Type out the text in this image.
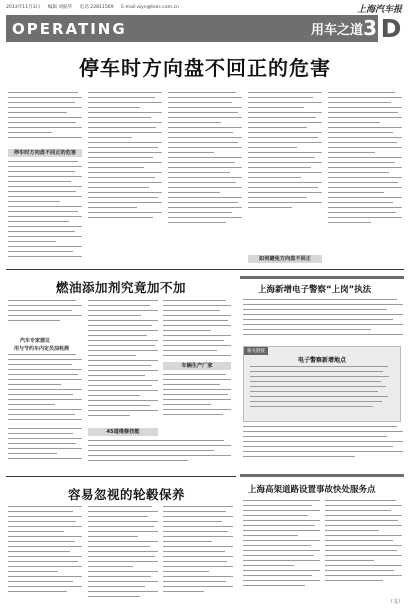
2013年11月3日 编辑 刘振华 电话 22811569 E-mail aiyn@tsec.com.cn	上海汽车报
OPERATING	用车之道 3 D
停车时方向盘不回正的危害
停车时方向盘不回正的危害
如何避免方向盘不回正
燃油添加剂究竟加不加
汽车专家建议
用与节约车内定员油耗测
车辆生产厂家
45道维修技能
容易忽视的轮毂保养
上海新增电子警察“上岗”执法
相关链接
电子警察新增地点
上海高架道路设置事故快处服务点
（文）
